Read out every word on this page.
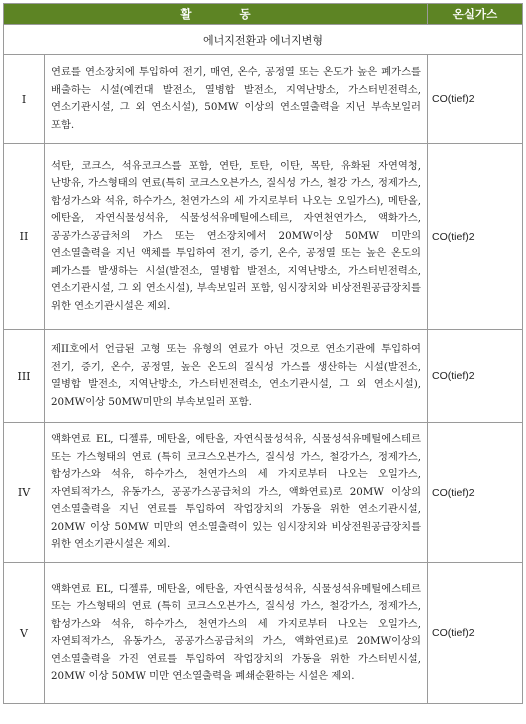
활 동		온실가스
에너지전환과 에너지변형		
I	연료를 연소장치에 투입하여 전기, 매연, 온수, 공정열 또는 온도가 높은 폐가스를 배출하는 시설(예컨대 발전소, 열병합 발전소, 지역난방소, 가스터빈전력소, 연소기관시설, 그 외 연소시설), 50MW 이상의 연소열출력을 지닌 부속보일러 포함.	CO(tief)2
II	석탄, 코크스, 석유코크스를 포함, 연탄, 토탄, 이탄, 목탄, 유화된 자연역청, 난방유, 가스형태의 연료(특히 코크스오븐가스, 질식성 가스, 철강 가스, 정제가스, 합성가스와 석유, 하수가스, 천연가스의 세 가지로부터 나오는 오일가스), 메탄올, 에탄올, 자연식물성석유, 식물성석유메틸에스테르, 자연천연가스, 액화가스, 공공가스공급처의 가스 또는 연소장치에서 20MW이상 50MW 미만의 연소열출력을 지닌 액체를 투입하여 전기, 증기, 온수, 공정열 또는 높은 온도의 폐가스를 발생하는 시설(발전소, 열병합 발전소, 지역난방소, 가스터빈전력소, 연소기관시설, 그 외 연소시설), 부속보일러 포함, 임시장치와 비상전원공급장치를 위한 연소기관시설은 제외.	CO(tief)2
III	제II호에서 언급된 고형 또는 유형의 연료가 아닌 것으로 연소기관에 투입하여 전기, 증기, 온수, 공정열, 높은 온도의 질식성 가스를 생산하는 시설(발전소, 열병합 발전소, 지역난방소, 가스터빈전력소, 연소기관시설, 그 외 연소시설), 20MW이상 50MW미만의 부속보일러 포함.	CO(tief)2
IV	액화연료 EL, 디젤류, 메탄올, 에탄올, 자연식물성석유, 식물성석유메틸에스테르 또는 가스형태의 연료 (특히 코크스오븐가스, 질식성 가스, 철강가스, 정제가스, 합성가스와 석유, 하수가스, 천연가스의 세 가지로부터 나오는 오일가스, 자연퇴적가스, 유동가스, 공공가스공급처의 가스, 액화연료)로 20MW 이상의 연소열출력을 지닌 연료를 투입하여 작업장치의 가동을 위한 연소기관시설, 20MW 이상 50MW 미만의 연소열출력이 있는 임시장치와 비상전원공급장치를 위한 연소기관시설은 제외.	CO(tief)2
V	액화연료 EL, 디젤류, 메탄올, 에탄올, 자연식물성석유, 식물성석유메틸에스테르 또는 가스형태의 연료 (특히 코크스오븐가스, 질식성 가스, 철강가스, 정제가스, 합성가스와 석유, 하수가스, 천연가스의 세 가지로부터 나오는 오일가스, 자연퇴적가스, 유동가스, 공공가스공급처의 가스, 액화연료)로 20MW이상의 연소열출력을 가진 연료를 투입하여 작업장치의 가동을 위한 가스터빈시설, 20MW 이상 50MW 미만 연소열출력을 폐쇄순환하는 시설은 제외.	CO(tief)2
